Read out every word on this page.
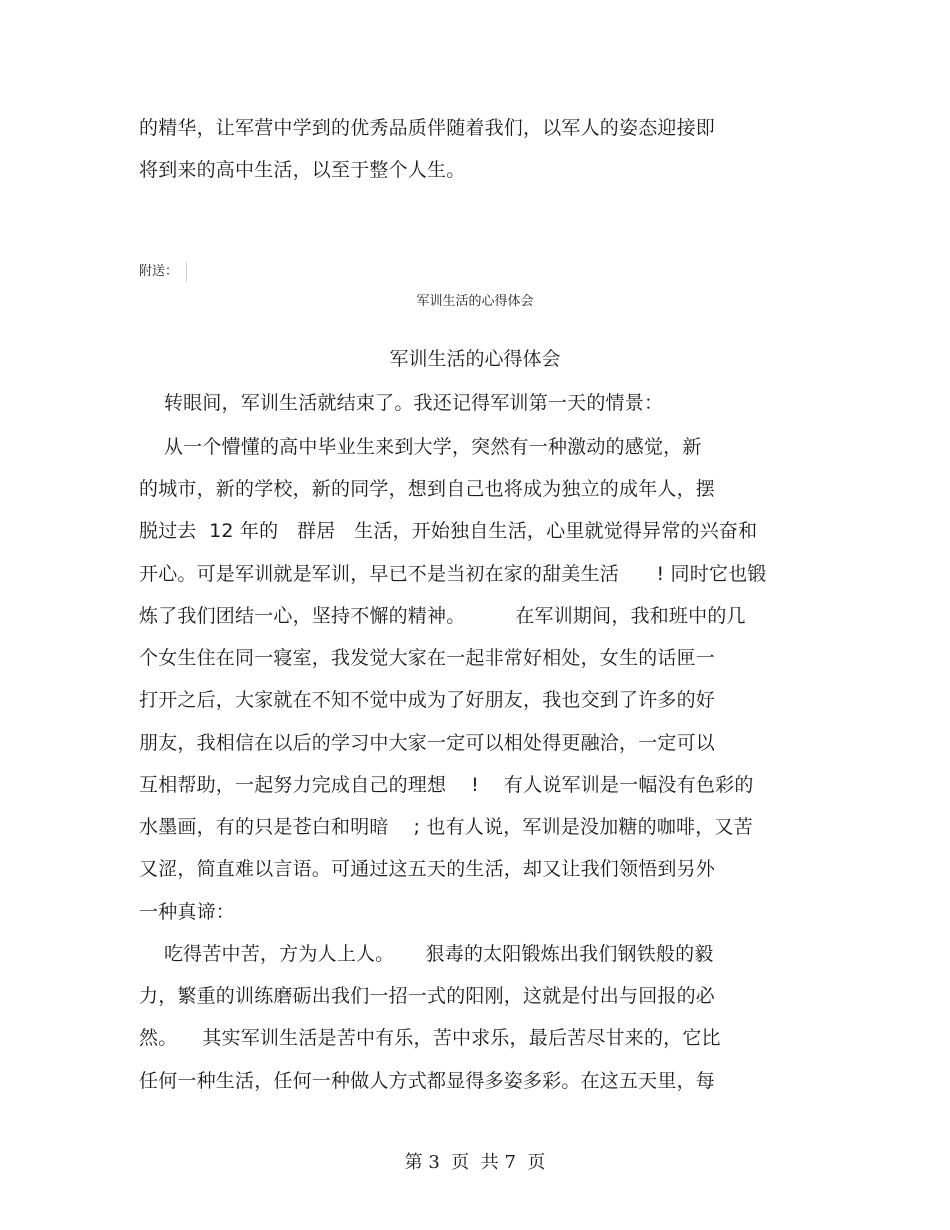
的精华，让军营中学到的优秀品质伴随着我们，以军人的姿态迎接即
将到来的高中生活，以至于整个人生。
附送：
军训生活的心得体会
军训生活的心得体会
转眼间，军训生活就结束了。我还记得军训第一天的情景：
从一个懵懂的高中毕业生来到大学，突然有一种激动的感觉，新
的城市，新的学校，新的同学，想到自己也将成为独立的成年人，摆
脱过去  12 年的   群居   生活，开始独自生活，心里就觉得异常的兴奋和
开心。可是军训就是军训，早已不是当初在家的甜美生活      ! 同时它也锻
炼了我们团结一心，坚持不懈的精神。        在军训期间，我和班中的几
个女生住在同一寝室，我发觉大家在一起非常好相处，女生的话匣一
打开之后，大家就在不知不觉中成为了好朋友，我也交到了许多的好
朋友，我相信在以后的学习中大家一定可以相处得更融洽，一定可以
互相帮助，一起努力完成自己的理想    !    有人说军训是一幅没有色彩的
水墨画，有的只是苍白和明暗    ; 也有人说，军训是没加糖的咖啡，又苦
又涩，简直难以言语。可通过这五天的生活，却又让我们领悟到另外
一种真谛：
吃得苦中苦，方为人上人。     狠毒的太阳锻炼出我们钢铁般的毅
力，繁重的训练磨砺出我们一招一式的阳刚，这就是付出与回报的必
然。    其实军训生活是苦中有乐，苦中求乐，最后苦尽甘来的，它比
任何一种生活，任何一种做人方式都显得多姿多彩。在这五天里，每
第 3  页  共 7  页
